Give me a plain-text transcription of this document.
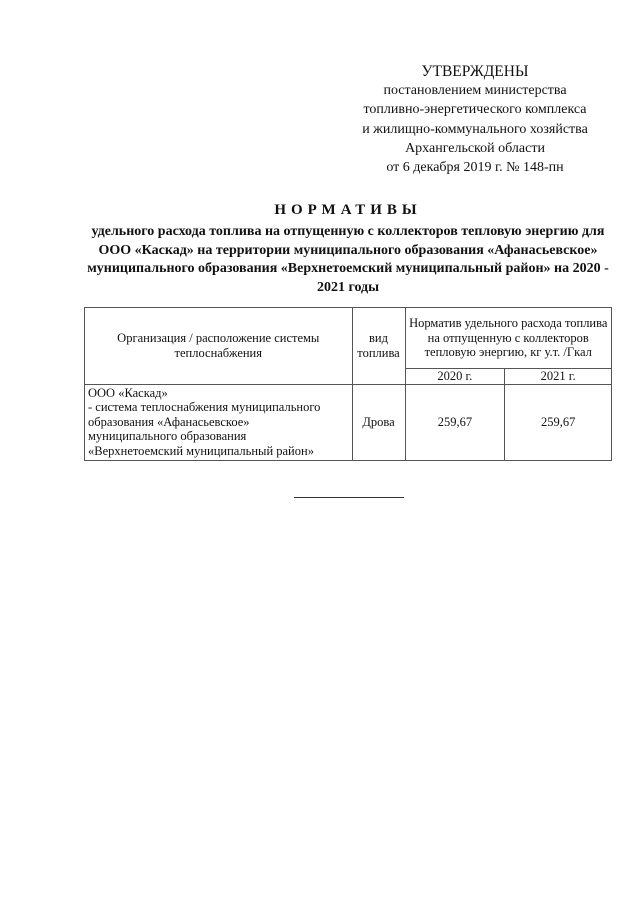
УТВЕРЖДЕНЫ
постановлением министерства
топливно-энергетического комплекса
и жилищно-коммунального хозяйства
Архангельской области
от 6 декабря 2019 г. № 148-пн
НОРМАТИВЫ
удельного расхода топлива на отпущенную с коллекторов тепловую энергию для ООО «Каскад» на территории муниципального образования «Афанасьевское» муниципального образования «Верхнетоемский муниципальный район» на 2020 - 2021 годы
Организация / расположение системы теплоснабжения	вид топлива	Норматив удельного расхода топлива на отпущенную с коллекторов тепловую энергию, кг у.т. /Гкал	
		2020 г.	2021 г.

ООО «Каскад»
- система теплоснабжения муниципального
образования «Афанасьевское»
муниципального образования
«Верхнетоемский муниципальный район»	Дрова	259,67	259,67
